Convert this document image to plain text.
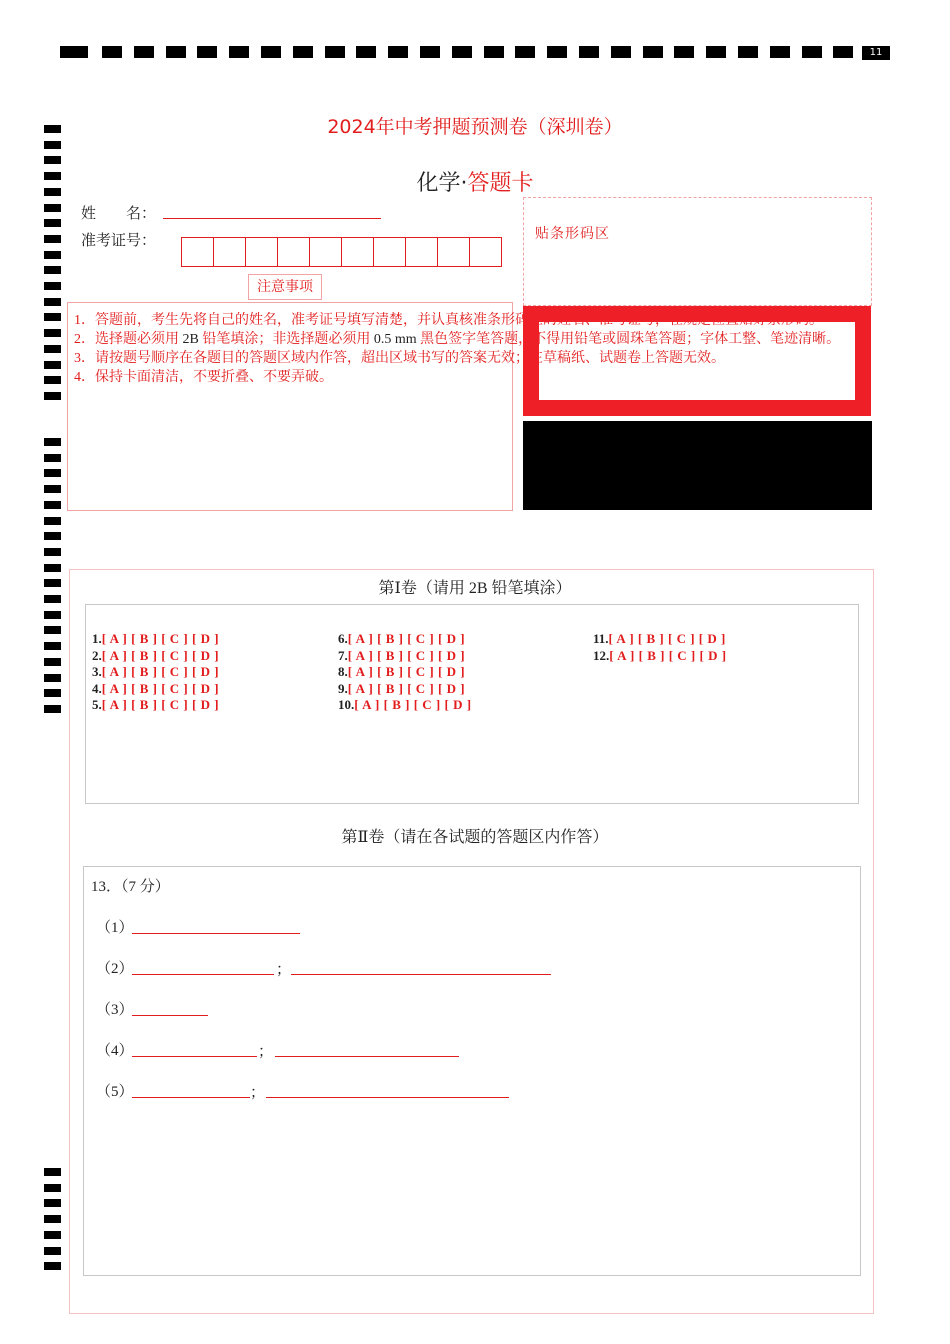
11
2024年中考押题预测卷（深圳卷）
化学·答题卡
姓　　名：
准考证号：
注意事项
1．答题前，考生先将自己的姓名，准考证号填写清楚，并认真核准条形码上的姓名、准考证号，在规定位置贴好条形码。
2．选择题必须用 2B 铅笔填涂；非选择题必须用 0.5 mm 黑色签字笔答题，不得用铅笔或圆珠笔答题；字体工整、笔迹清晰。
3．请按题号顺序在各题目的答题区域内作答，超出区域书写的答案无效；在草稿纸、试题卷上答题无效。
4．保持卡面清洁，不要折叠、不要弄破。
贴条形码区
第Ⅰ卷（请用 2B 铅笔填涂）
1.[ A ] [ B ] [ C ] [ D ]
2.[ A ] [ B ] [ C ] [ D ]
3.[ A ] [ B ] [ C ] [ D ]
4.[ A ] [ B ] [ C ] [ D ]
5.[ A ] [ B ] [ C ] [ D ]
6.[ A ] [ B ] [ C ] [ D ]
7.[ A ] [ B ] [ C ] [ D ]
8.[ A ] [ B ] [ C ] [ D ]
9.[ A ] [ B ] [ C ] [ D ]
10.[ A ] [ B ] [ C ] [ D ]
11.[ A ] [ B ] [ C ] [ D ]
12.[ A ] [ B ] [ C ] [ D ]
第Ⅱ卷（请在各试题的答题区内作答）
13．（7 分）
（1）
（2）	；
（3）
（4）	；
（5）	；
